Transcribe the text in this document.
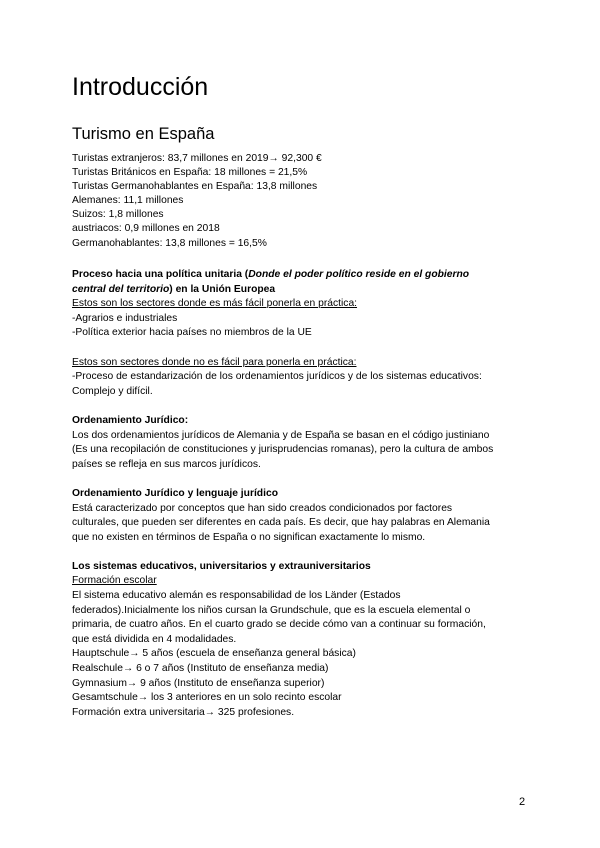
Introducción
Turismo en España
Turistas extranjeros: 83,7 millones en 2019→ 92,300 €
Turistas Británicos en España: 18 millones = 21,5%
Turistas Germanohablantes en España: 13,8 millones
Alemanes: 11,1 millones
Suizos: 1,8 millones
austriacos: 0,9 millones en 2018
Germanohablantes: 13,8 millones = 16,5%
Proceso hacia una política unitaria (Donde el poder político reside en el gobierno
central del territorio) en la Unión Europea
Estos son los sectores donde es más fácil ponerla en práctica:
-Agrarios e industriales
-Política exterior hacia países no miembros de la UE
Estos son sectores donde no es fácil para ponerla en práctica:
-Proceso de estandarización de los ordenamientos jurídicos y de los sistemas educativos:
Complejo y difícil.
Ordenamiento Jurídico:
Los dos ordenamientos jurídicos de Alemania y de España se basan en el código justiniano
(Es una recopilación de constituciones y jurisprudencias romanas), pero la cultura de ambos
países se refleja en sus marcos jurídicos.
Ordenamiento Jurídico y lenguaje jurídico
Está caracterizado por conceptos que han sido creados condicionados por factores
culturales, que pueden ser diferentes en cada país. Es decir, que hay palabras en Alemania
que no existen en términos de España o no significan exactamente lo mismo.
Los sistemas educativos, universitarios y extrauniversitarios
Formación escolar
El sistema educativo alemán es responsabilidad de los Länder (Estados
federados).Inicialmente los niños cursan la Grundschule, que es la escuela elemental o
primaria, de cuatro años. En el cuarto grado se decide cómo van a continuar su formación,
que está dividida en 4 modalidades.
Hauptschule→ 5 años (escuela de enseñanza general básica)
Realschule→ 6 o 7 años (Instituto de enseñanza media)
Gymnasium→ 9 años (Instituto de enseñanza superior)
Gesamtschule→ los 3 anteriores en un solo recinto escolar
Formación extra universitaria→ 325 profesiones.
2
